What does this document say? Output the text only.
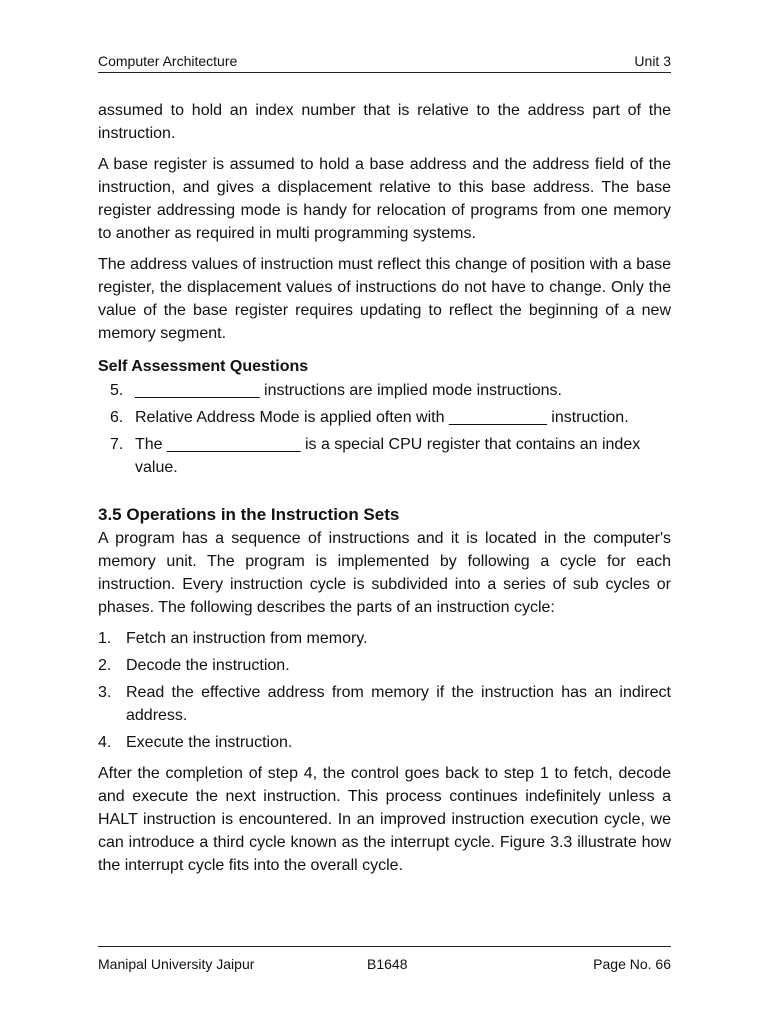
Computer Architecture	Unit 3

assumed to hold an index number that is relative to the address part of the instruction.

A base register is assumed to hold a base address and the address field of the instruction, and gives a displacement relative to this base address. The base register addressing mode is handy for relocation of programs from one memory to another as required in multi programming systems.

The address values of instruction must reflect this change of position with a base register, the displacement values of instructions do not have to change. Only the value of the base register requires updating to reflect the beginning of a new memory segment.

Self Assessment Questions
5. ______________ instructions are implied mode instructions.
6. Relative Address Mode is applied often with ___________ instruction.
7. The _______________ is a special CPU register that contains an index value.
3.5 Operations in the Instruction Sets

A program has a sequence of instructions and it is located in the computer's memory unit. The program is implemented by following a cycle for each instruction. Every instruction cycle is subdivided into a series of sub cycles or phases. The following describes the parts of an instruction cycle:

1. Fetch an instruction from memory.
2. Decode the instruction.
3. Read the effective address from memory if the instruction has an indirect address.
4. Execute the instruction.

After the completion of step 4, the control goes back to step 1 to fetch, decode and execute the next instruction. This process continues indefinitely unless a HALT instruction is encountered. In an improved instruction execution cycle, we can introduce a third cycle known as the interrupt cycle. Figure 3.3 illustrate how the interrupt cycle fits into the overall cycle.

Manipal University Jaipur	B1648	Page No. 66
